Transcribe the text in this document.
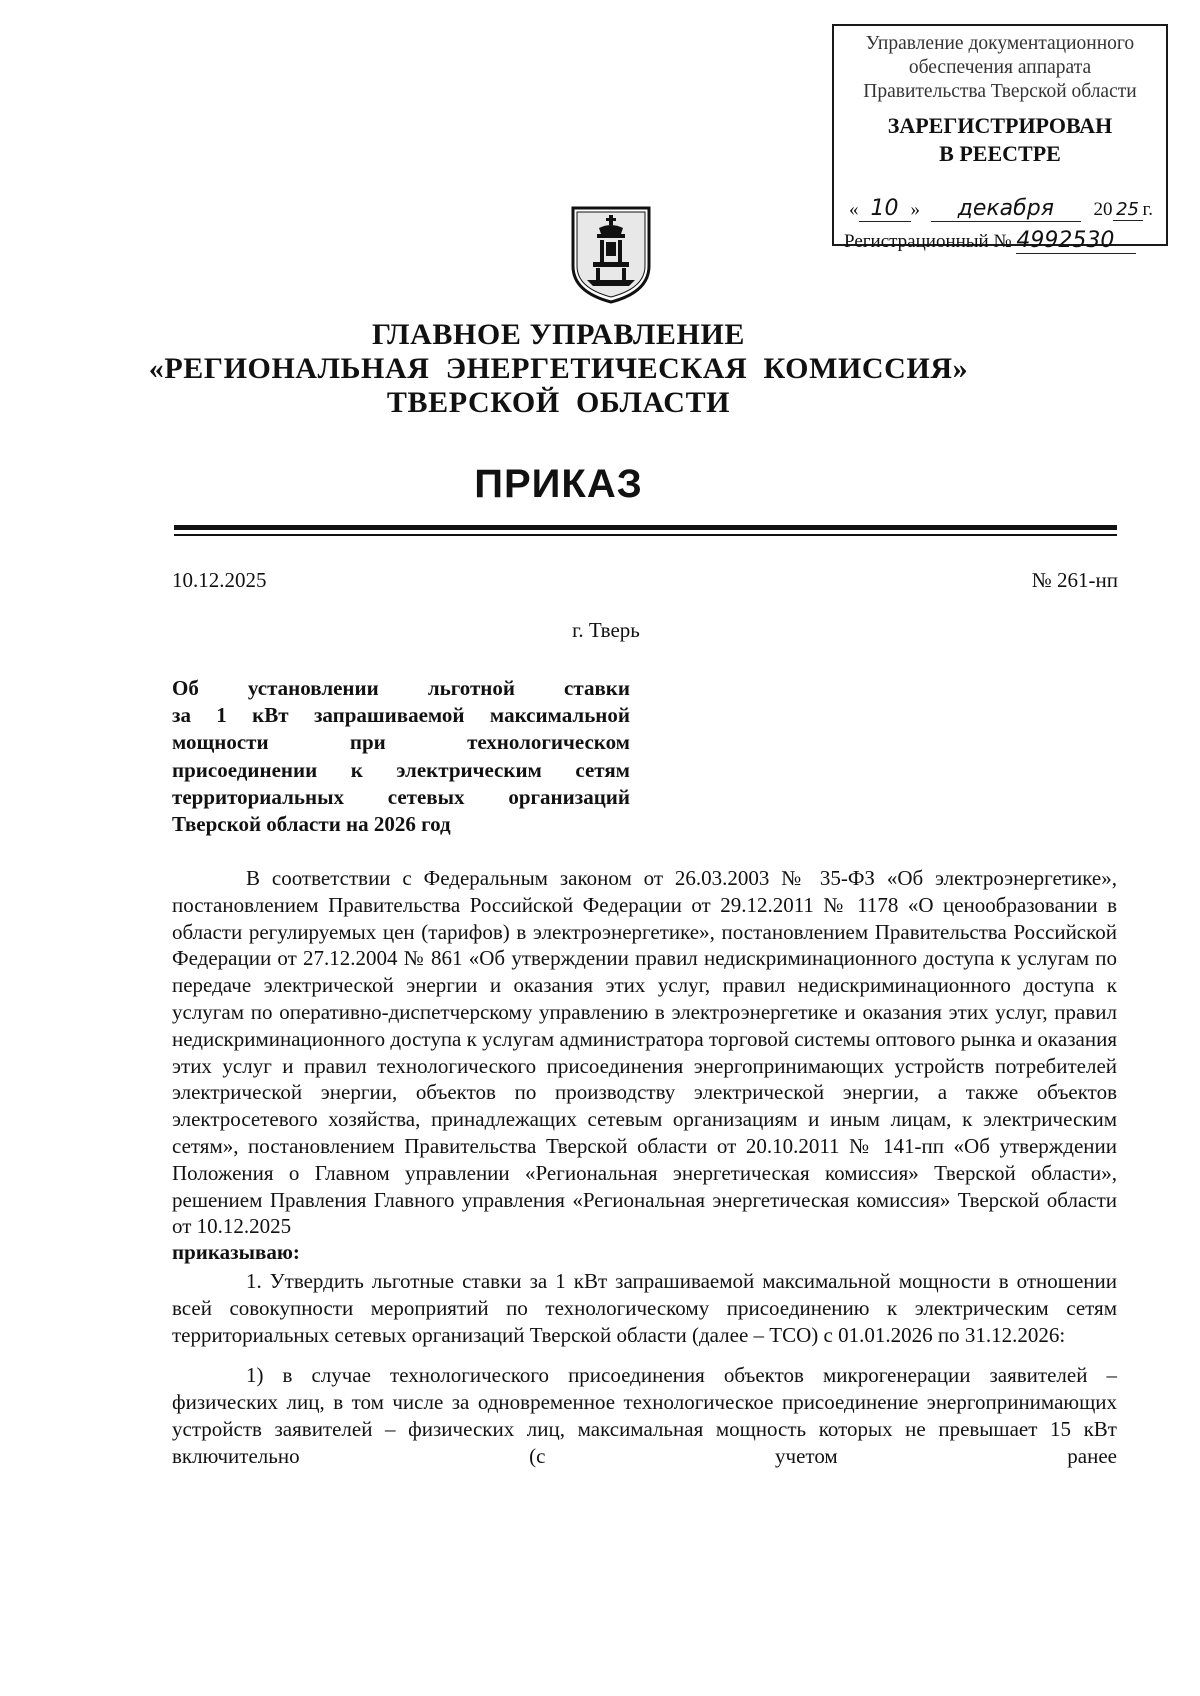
Управление документационного
обеспечения аппарата
Правительства Тверской области
ЗАРЕГИСТРИРОВАН
В РЕЕСТРЕ
« 10 » декабря 20 25 г.
Регистрационный № 4992530
ГЛАВНОЕ УПРАВЛЕНИЕ
«РЕГИОНАЛЬНАЯ  ЭНЕРГЕТИЧЕСКАЯ  КОМИССИЯ»
ТВЕРСКОЙ  ОБЛАСТИ
ПРИКАЗ
10.12.2025	№ 261-нп
г. Тверь
Об установлении льготной ставки
за 1 кВт запрашиваемой максимальной
мощности при технологическом
присоединении к электрическим сетям
территориальных сетевых организаций
Тверской области на 2026 год

В соответствии с Федеральным законом от 26.03.2003 № 35-ФЗ «Об электроэнергетике», постановлением Правительства Российской Федерации от 29.12.2011 № 1178 «О ценообразовании в области регулируемых цен (тарифов) в электроэнергетике», постановлением Правительства Российской Федерации от 27.12.2004 № 861 «Об утверждении правил недискриминационного доступа к услугам по передаче электрической энергии и оказания этих услуг, правил недискриминационного доступа к услугам по оперативно-диспетчерскому управлению в электроэнергетике и оказания этих услуг, правил недискриминационного доступа к услугам администратора торговой системы оптового рынка и оказания этих услуг и правил технологического присоединения энергопринимающих устройств потребителей электрической энергии, объектов по производству электрической энергии, а также объектов электросетевого хозяйства, принадлежащих сетевым организациям и иным лицам, к электрическим сетям», постановлением Правительства Тверской области от 20.10.2011 № 141-пп «Об утверждении Положения о Главном управлении «Региональная энергетическая комиссия» Тверской области», решением Правления Главного управления «Региональная энергетическая комиссия» Тверской области от 10.12.2025

приказываю:

1. Утвердить льготные ставки за 1 кВт запрашиваемой максимальной мощности в отношении всей совокупности мероприятий по технологическому присоединению к электрическим сетям территориальных сетевых организаций Тверской области (далее – ТСО) с 01.01.2026 по 31.12.2026:

1) в случае технологического присоединения объектов микрогенерации заявителей – физических лиц, в том числе за одновременное технологическое присоединение энергопринимающих устройств заявителей – физических лиц, максимальная мощность которых не превышает 15 кВт включительно (с учетом ранее
